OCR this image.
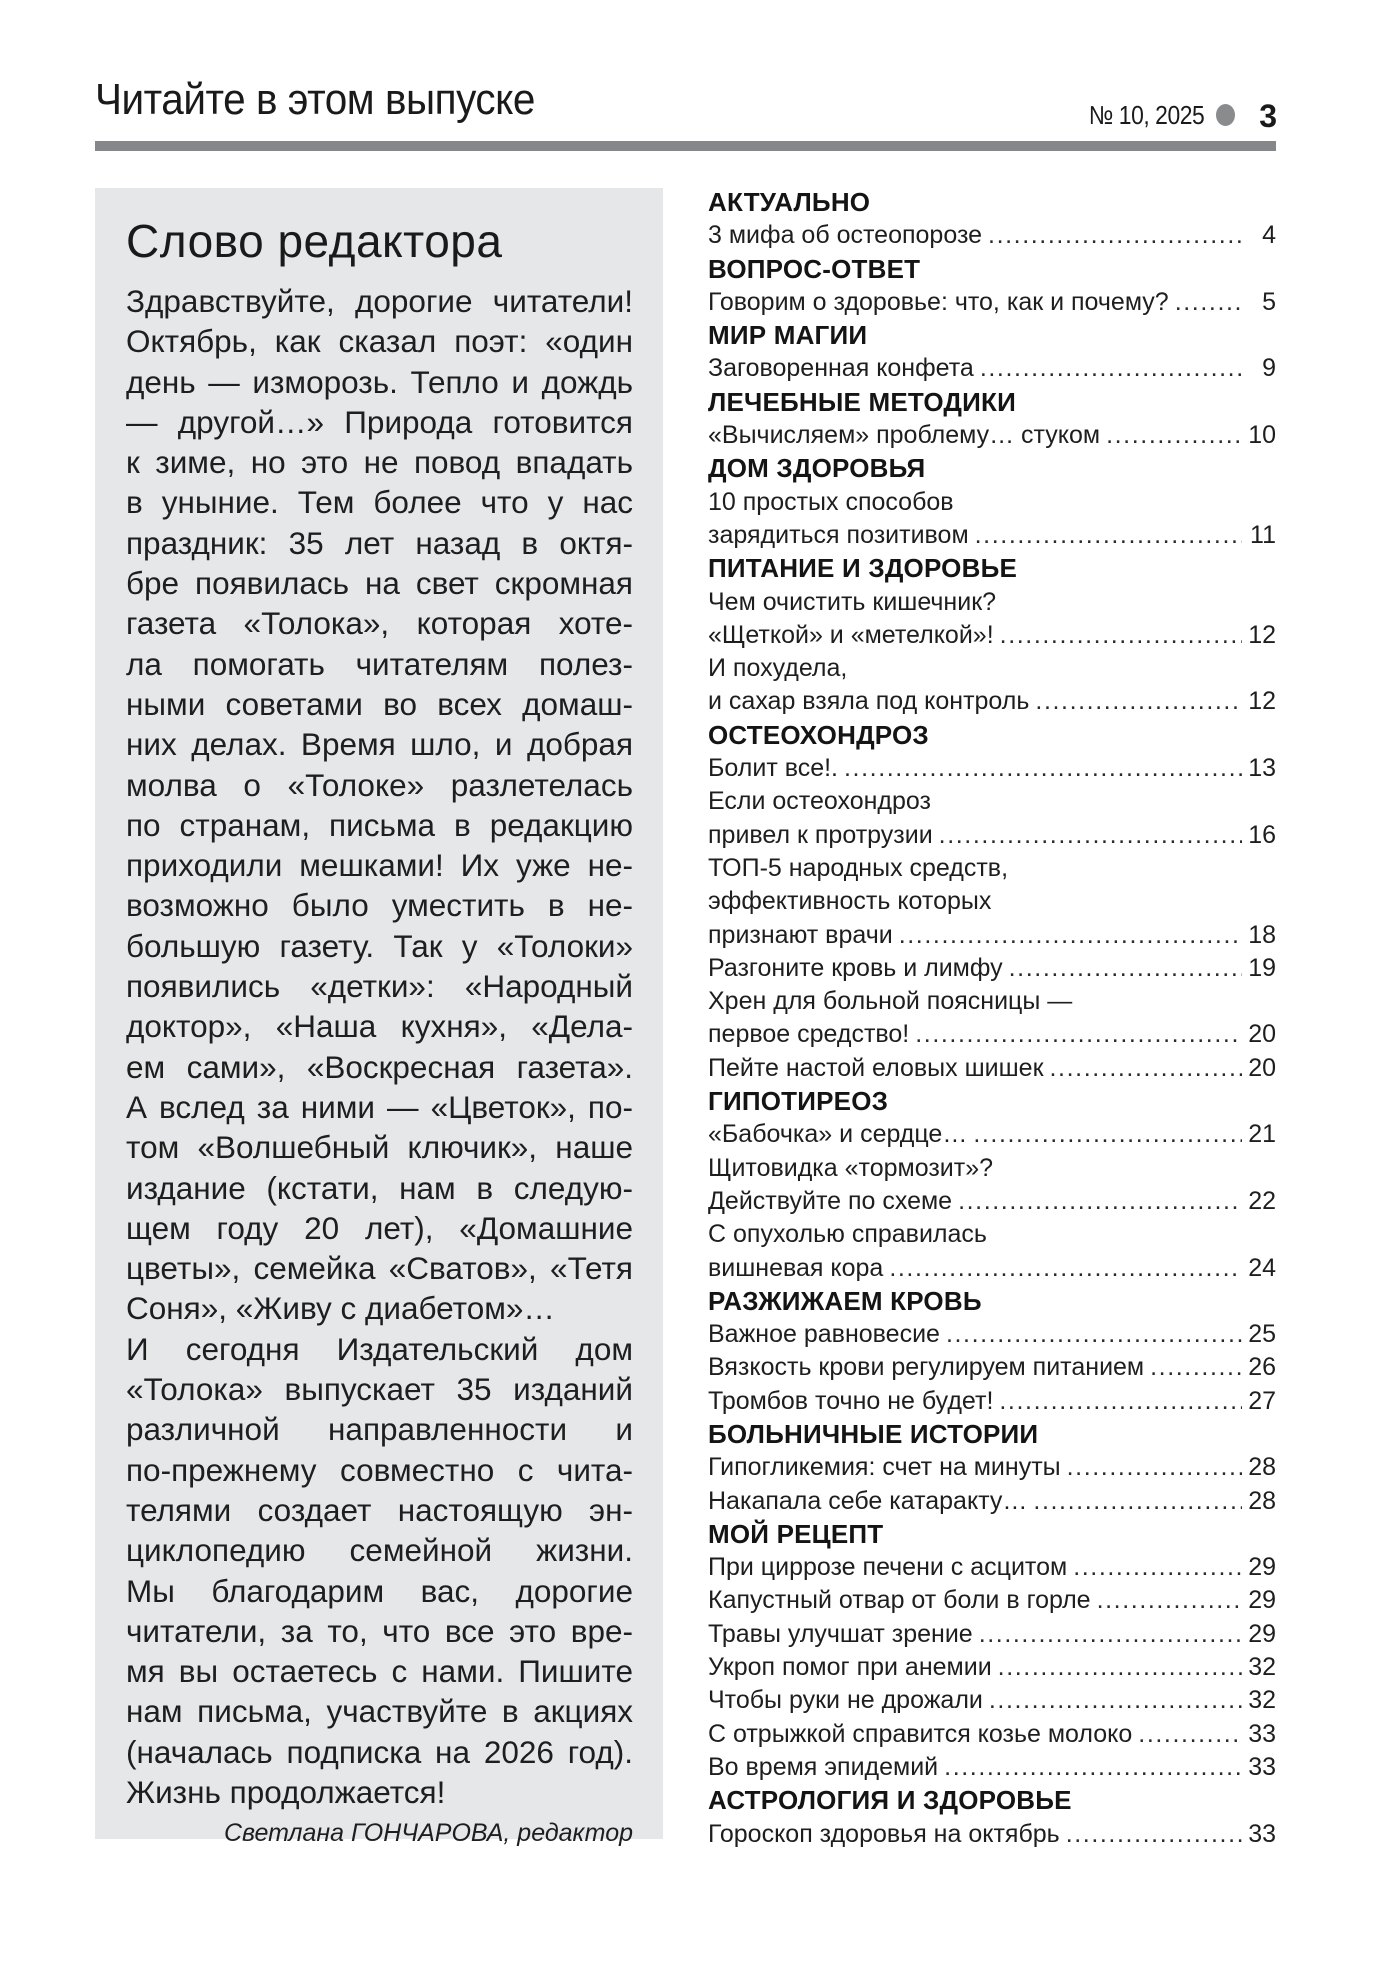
Читайте в этом выпуске	№ 10, 2025 3
Слово редактора
Здравствуйте, дорогие читатели!
Октябрь, как сказал поэт: «один
день — изморозь. Тепло и дождь
— другой…» Природа готовится
к зиме, но это не повод впадать
в уныние. Тем более что у нас
праздник: 35 лет назад в октя-
бре появилась на свет скромная
газета «Толока», которая хоте-
ла помогать читателям полез-
ными советами во всех домаш-
них делах. Время шло, и добрая
молва о «Толоке» разлетелась
по странам, письма в редакцию
приходили мешками! Их уже не-
возможно было уместить в не-
большую газету. Так у «Толоки»
появились «детки»: «Народный
доктор», «Наша кухня», «Дела-
ем сами», «Воскресная газета».
А вслед за ними — «Цветок», по-
том «Волшебный ключик», наше
издание (кстати, нам в следую-
щем году 20 лет), «Домашние
цветы», семейка «Сватов», «Тетя
Соня», «Живу с диабетом»…
И сегодня Издательский дом
«Толока» выпускает 35 изданий
различной направленности и
по-прежнему совместно с чита-
телями создает настоящую эн-
циклопедию семейной жизни.
Мы благодарим вас, дорогие
читатели, за то, что все это вре-
мя вы остаетесь с нами. Пишите
нам письма, участвуйте в акциях
(началась подписка на 2026 год).
Жизнь продолжается!
Светлана ГОНЧАРОВА, редактор
АКТУАЛЬНО
3 мифа об остеопорозе .....	4
ВОПРОС-ОТВЕТ
Говорим о здоровье: что, как и почему? .....	5
МИР МАГИИ
Заговоренная конфета .....	9
ЛЕЧЕБНЫЕ МЕТОДИКИ
«Вычисляем» проблему… стуком .....	10
ДОМ ЗДОРОВЬЯ
10 простых способов
зарядиться позитивом .....	11
ПИТАНИЕ И ЗДОРОВЬЕ
Чем очистить кишечник?
«Щеткой» и «метелкой»! .....	12
И похудела,
и сахар взяла под контроль .....	12
ОСТЕОХОНДРОЗ
Болит все!. .....	13
Если остеохондроз
привел к протрузии .....	16
ТОП-5 народных средств,
эффективность которых
признают врачи .....	18
Разгоните кровь и лимфу .....	19
Хрен для больной поясницы —
первое средство! .....	20
Пейте настой еловых шишек .....	20
ГИПОТИРЕОЗ
«Бабочка» и сердце… .....	21
Щитовидка «тормозит»?
Действуйте по схеме .....	22
С опухолью справилась
вишневая кора .....	24
РАЗЖИЖАЕМ КРОВЬ
Важное равновесие .....	25
Вязкость крови регулируем питанием .....	26
Тромбов точно не будет! .....	27
БОЛЬНИЧНЫЕ ИСТОРИИ
Гипогликемия: счет на минуты .....	28
Накапала себе катаракту… .....	28
МОЙ РЕЦЕПТ
При циррозе печени с асцитом .....	29
Капустный отвар от боли в горле .....	29
Травы улучшат зрение .....	29
Укроп помог при анемии .....	32
Чтобы руки не дрожали .....	32
С отрыжкой справится козье молоко .....	33
Во время эпидемий .....	33
АСТРОЛОГИЯ И ЗДОРОВЬЕ
Гороскоп здоровья на октябрь .....	33
